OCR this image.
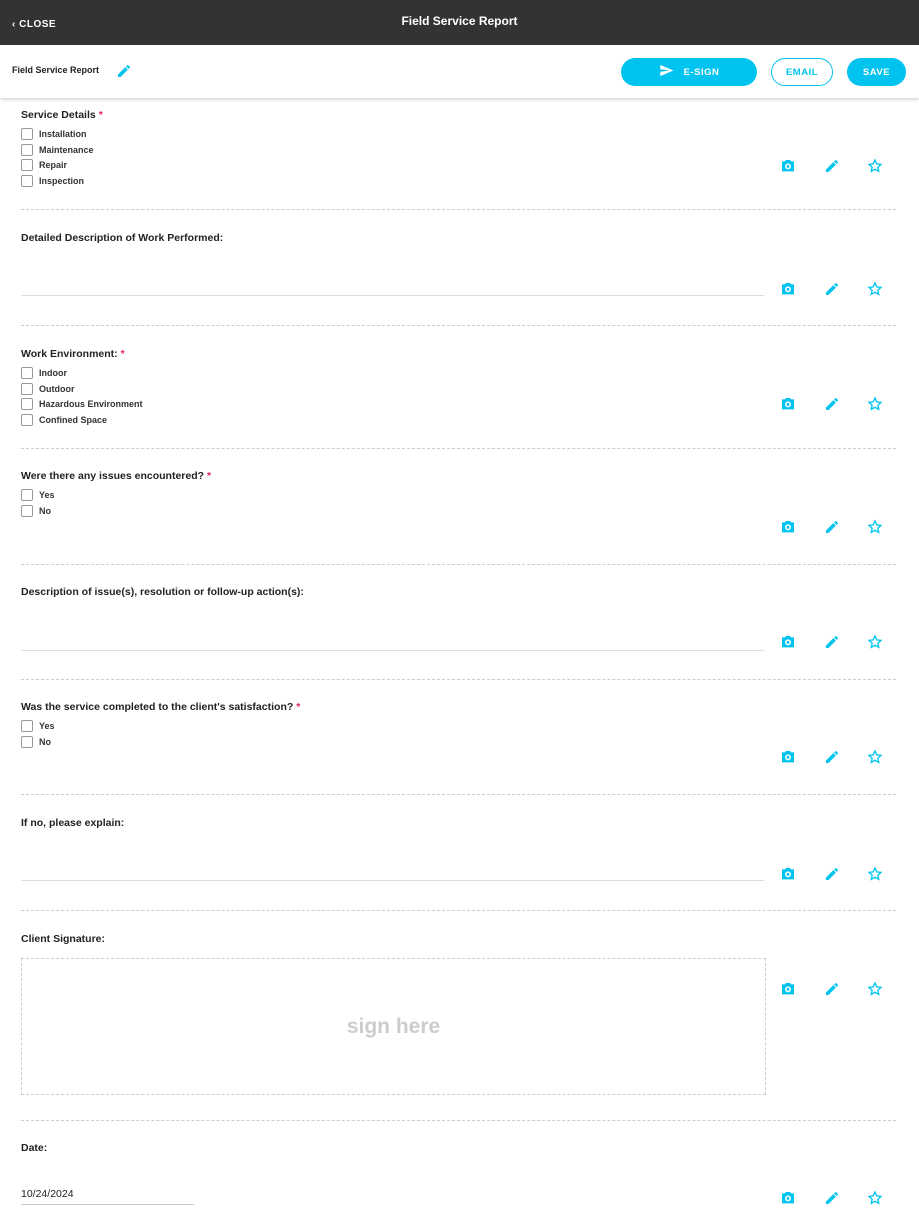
‹ CLOSE	Field Service Report
Field Service Report	E-SIGN	EMAIL	SAVE
Service Details *
Installation
Maintenance
Repair
Inspection
Detailed Description of Work Performed:
Work Environment: *
Indoor
Outdoor
Hazardous Environment
Confined Space
Were there any issues encountered? *
Yes
No
Description of issue(s), resolution or follow-up action(s):
Was the service completed to the client's satisfaction? *
Yes
No
If no, please explain:
Client Signature:
sign here
Date:
10/24/2024
